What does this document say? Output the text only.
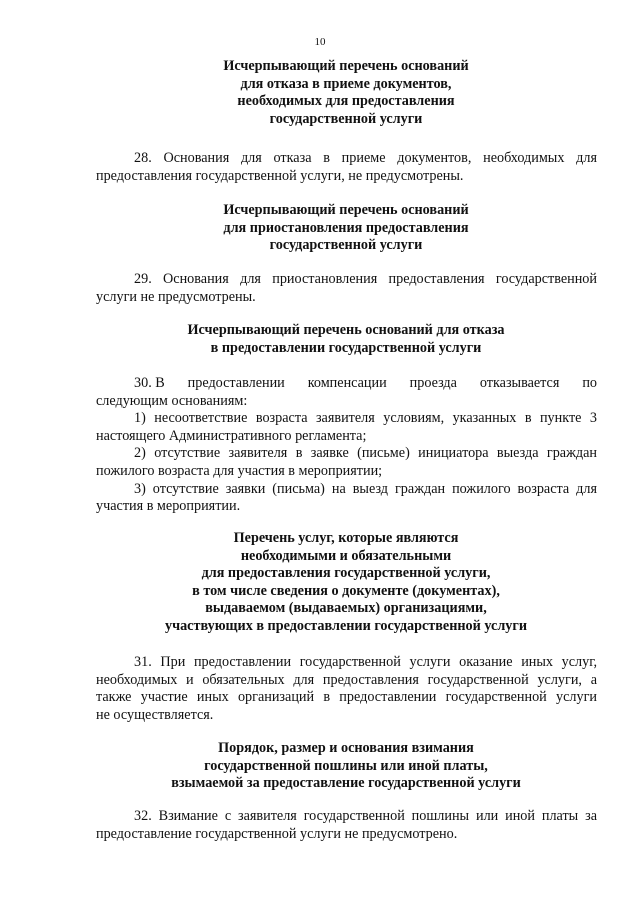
10
Исчерпывающий перечень оснований
для отказа в приеме документов,
необходимых для предоставления
государственной услуги
28. Основания для отказа в приеме документов, необходимых для
предоставления государственной услуги, не предусмотрены.
Исчерпывающий перечень оснований
для приостановления предоставления
государственной услуги
29. Основания для приостановления предоставления государственной
услуги не предусмотрены.
Исчерпывающий перечень оснований для отказа
в предоставлении государственной услуги
30. В предоставлении компенсации проезда отказывается по
следующим основаниям:
1) несоответствие возраста заявителя условиям, указанных в пункте 3
настоящего Административного регламента;
2) отсутствие заявителя в заявке (письме) инициатора выезда граждан
пожилого возраста для участия в мероприятии;
3) отсутствие заявки (письма) на выезд граждан пожилого возраста для
участия в мероприятии.
Перечень услуг, которые являются
необходимыми и обязательными
для предоставления государственной услуги,
в том числе сведения о документе (документах),
выдаваемом (выдаваемых) организациями,
участвующих в предоставлении государственной услуги
31. При предоставлении государственной услуги оказание иных услуг,
необходимых и обязательных для предоставления государственной услуги, а
также участие иных организаций в предоставлении государственной услуги
не осуществляется.
Порядок, размер и основания взимания
государственной пошлины или иной платы,
взымаемой за предоставление государственной услуги
32. Взимание с заявителя государственной пошлины или иной платы за
предоставление государственной услуги не предусмотрено.
